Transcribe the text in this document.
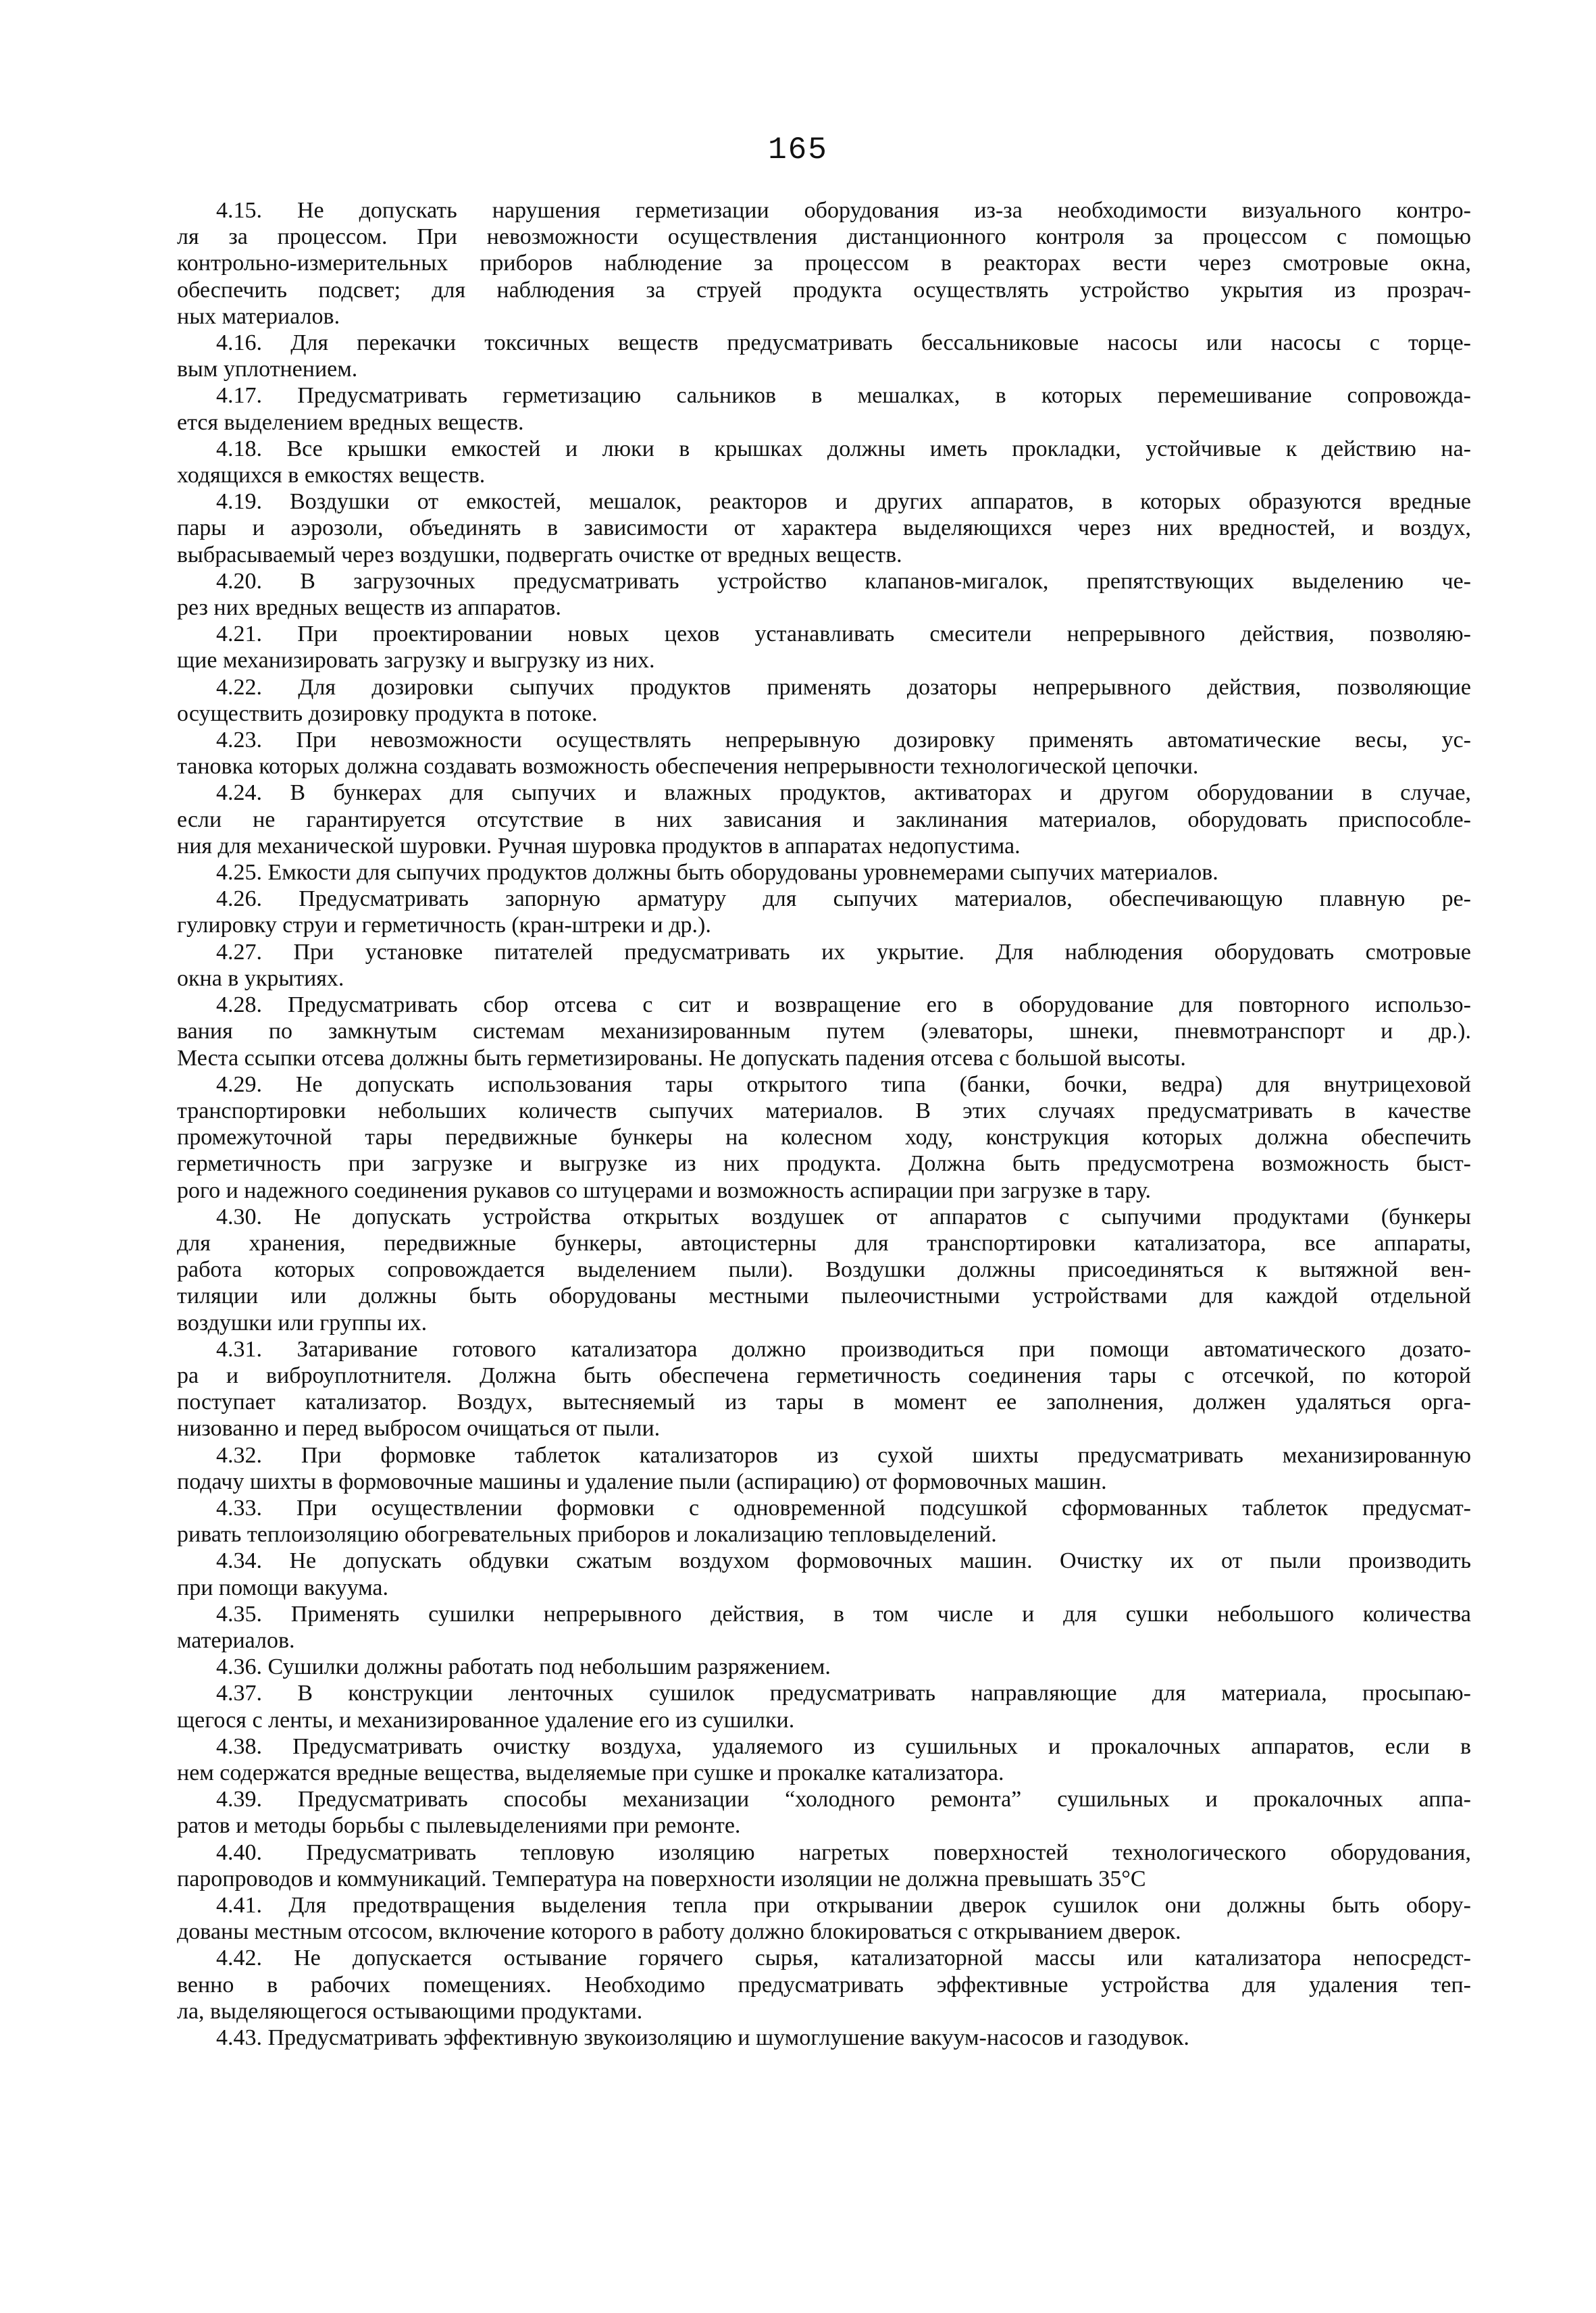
165
4.15. Не допускать нарушения герметизации оборудования из-за необходимости визуального контро-
ля за процессом. При невозможности осуществления дистанционного контроля за процессом с помощью
контрольно-измерительных приборов наблюдение за процессом в реакторах вести через смотровые окна,
обеспечить подсвет; для наблюдения за струей продукта осуществлять устройство укрытия из прозрач-
ных материалов.
4.16. Для перекачки токсичных веществ предусматривать бессальниковые насосы или насосы с торце-
вым уплотнением.
4.17. Предусматривать герметизацию сальников в мешалках, в которых перемешивание сопровожда-
ется выделением вредных веществ.
4.18. Все крышки емкостей и люки в крышках должны иметь прокладки, устойчивые к действию на-
ходящихся в емкостях веществ.
4.19. Воздушки от емкостей, мешалок, реакторов и других аппаратов, в которых образуются вредные
пары и аэрозоли, объединять в зависимости от характера выделяющихся через них вредностей, и воздух,
выбрасываемый через воздушки, подвергать очистке от вредных веществ.
4.20. В загрузочных предусматривать устройство клапанов-мигалок, препятствующих выделению че-
рез них вредных веществ из аппаратов.
4.21. При проектировании новых цехов устанавливать смесители непрерывного действия, позволяю-
щие механизировать загрузку и выгрузку из них.
4.22. Для дозировки сыпучих продуктов применять дозаторы непрерывного действия, позволяющие
осуществить дозировку продукта в потоке.
4.23. При невозможности осуществлять непрерывную дозировку применять автоматические весы, ус-
тановка которых должна создавать возможность обеспечения непрерывности технологической цепочки.
4.24. В бункерах для сыпучих и влажных продуктов, активаторах и другом оборудовании в случае,
если не гарантируется отсутствие в них зависания и заклинания материалов, оборудовать приспособле-
ния для механической шуровки. Ручная шуровка продуктов в аппаратах недопустима.
4.25. Емкости для сыпучих продуктов должны быть оборудованы уровнемерами сыпучих материалов.
4.26. Предусматривать запорную арматуру для сыпучих материалов, обеспечивающую плавную ре-
гулировку струи и герметичность (кран-штреки и др.).
4.27. При установке питателей предусматривать их укрытие. Для наблюдения оборудовать смотровые
окна в укрытиях.
4.28. Предусматривать сбор отсева с сит и возвращение его в оборудование для повторного использо-
вания по замкнутым системам механизированным путем (элеваторы, шнеки, пневмотранспорт и др.).
Места ссыпки отсева должны быть герметизированы. Не допускать падения отсева с большой высоты.
4.29. Не допускать использования тары открытого типа (банки, бочки, ведра) для внутрицеховой
транспортировки небольших количеств сыпучих материалов. В этих случаях предусматривать в качестве
промежуточной тары передвижные бункеры на колесном ходу, конструкция которых должна обеспечить
герметичность при загрузке и выгрузке из них продукта. Должна быть предусмотрена возможность быст-
рого и надежного соединения рукавов со штуцерами и возможность аспирации при загрузке в тару.
4.30. Не допускать устройства открытых воздушек от аппаратов с сыпучими продуктами (бункеры
для хранения, передвижные бункеры, автоцистерны для транспортировки катализатора, все аппараты,
работа которых сопровождается выделением пыли). Воздушки должны присоединяться к вытяжной вен-
тиляции или должны быть оборудованы местными пылеочистными устройствами для каждой отдельной
воздушки или группы их.
4.31. Затаривание готового катализатора должно производиться при помощи автоматического дозато-
ра и виброуплотнителя. Должна быть обеспечена герметичность соединения тары с отсечкой, по которой
поступает катализатор. Воздух, вытесняемый из тары в момент ее заполнения, должен удаляться орга-
низованно и перед выбросом очищаться от пыли.
4.32. При формовке таблеток катализаторов из сухой шихты предусматривать механизированную
подачу шихты в формовочные машины и удаление пыли (аспирацию) от формовочных машин.
4.33. При осуществлении формовки с одновременной подсушкой сформованных таблеток предусмат-
ривать теплоизоляцию обогревательных приборов и локализацию тепловыделений.
4.34. Не допускать обдувки сжатым воздухом формовочных машин. Очистку их от пыли производить
при помощи вакуума.
4.35. Применять сушилки непрерывного действия, в том числе и для сушки небольшого количества
материалов.
4.36. Сушилки должны работать под небольшим разряжением.
4.37. В конструкции ленточных сушилок предусматривать направляющие для материала, просыпаю-
щегося с ленты, и механизированное удаление его из сушилки.
4.38. Предусматривать очистку воздуха, удаляемого из сушильных и прокалочных аппаратов, если в
нем содержатся вредные вещества, выделяемые при сушке и прокалке катализатора.
4.39. Предусматривать способы механизации “холодного ремонта” сушильных и прокалочных аппа-
ратов и методы борьбы с пылевыделениями при ремонте.
4.40. Предусматривать тепловую изоляцию нагретых поверхностей технологического оборудования,
паропроводов и коммуникаций. Температура на поверхности изоляции не должна превышать 35°С
4.41. Для предотвращения выделения тепла при открывании дверок сушилок они должны быть обору-
дованы местным отсосом, включение которого в работу должно блокироваться с открыванием дверок.
4.42. Не допускается остывание горячего сырья, катализаторной массы или катализатора непосредст-
венно в рабочих помещениях. Необходимо предусматривать эффективные устройства для удаления теп-
ла, выделяющегося остывающими продуктами.
4.43. Предусматривать эффективную звукоизоляцию и шумоглушение вакуум-насосов и газодувок.
